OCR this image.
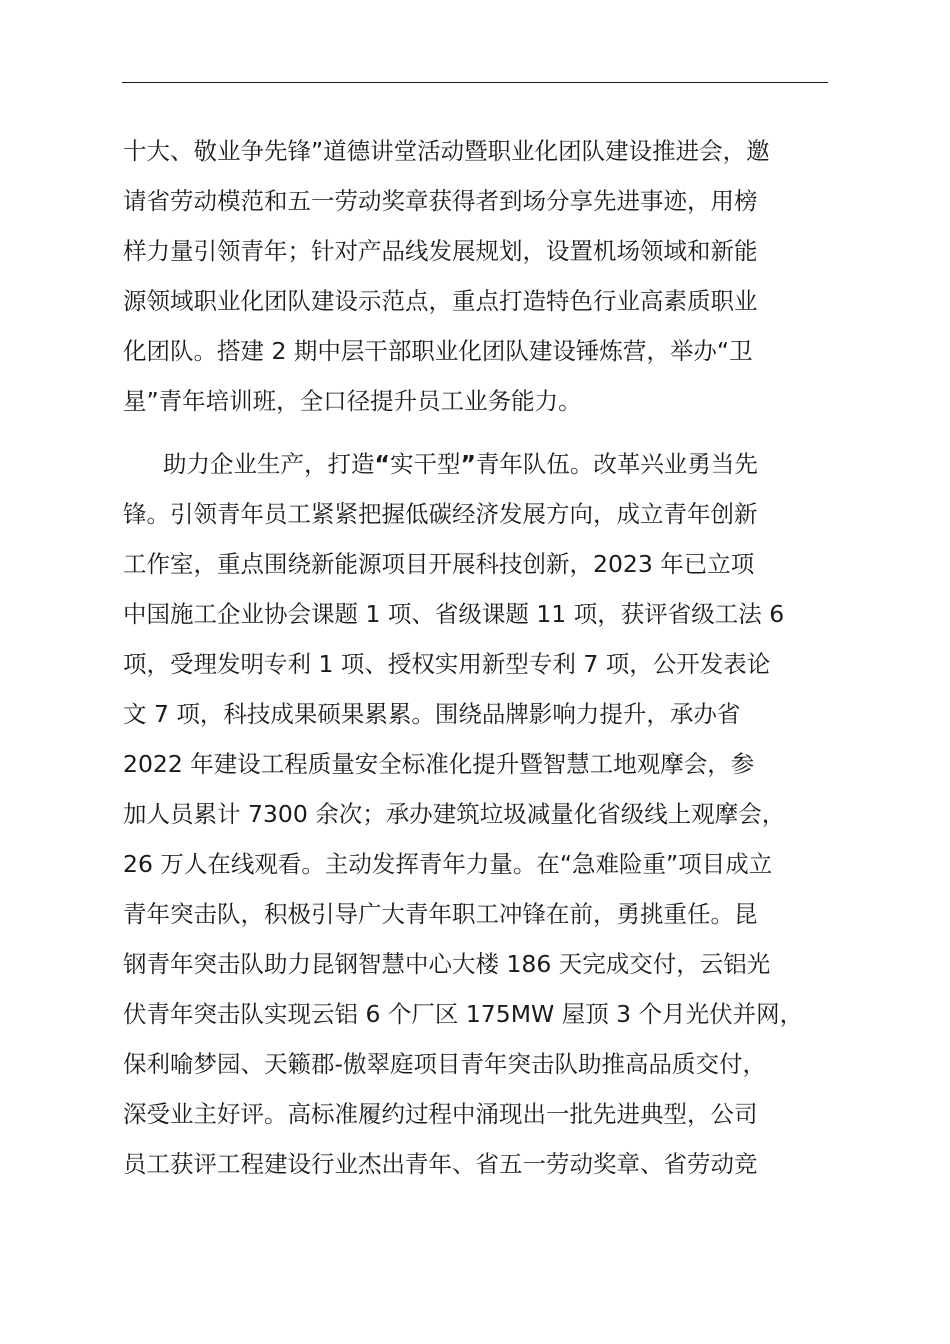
十大、敬业争先锋”道德讲堂活动暨职业化团队建设推进会，邀
请省劳动模范和五一劳动奖章获得者到场分享先进事迹，用榜
样力量引领青年；针对产品线发展规划，设置机场领域和新能
源领域职业化团队建设示范点，重点打造特色行业高素质职业
化团队。搭建 2 期中层干部职业化团队建设锤炼营，举办“卫
星”青年培训班，全口径提升员工业务能力。
助力企业生产，打造“实干型”青年队伍。改革兴业勇当先
锋。引领青年员工紧紧把握低碳经济发展方向，成立青年创新
工作室，重点围绕新能源项目开展科技创新，2023 年已立项
中国施工企业协会课题 1 项、省级课题 11 项，获评省级工法 6
项，受理发明专利 1 项、授权实用新型专利 7 项，公开发表论
文 7 项，科技成果硕果累累。围绕品牌影响力提升，承办省
2022 年建设工程质量安全标准化提升暨智慧工地观摩会，参
加人员累计 7300 余次；承办建筑垃圾减量化省级线上观摩会，
26 万人在线观看。主动发挥青年力量。在“急难险重”项目成立
青年突击队，积极引导广大青年职工冲锋在前，勇挑重任。昆
钢青年突击队助力昆钢智慧中心大楼 186 天完成交付，云铝光
伏青年突击队实现云铝 6 个厂区 175MW 屋顶 3 个月光伏并网，
保利喻梦园、天籁郡-傲翠庭项目青年突击队助推高品质交付，
深受业主好评。高标准履约过程中涌现出一批先进典型，公司
员工获评工程建设行业杰出青年、省五一劳动奖章、省劳动竞
